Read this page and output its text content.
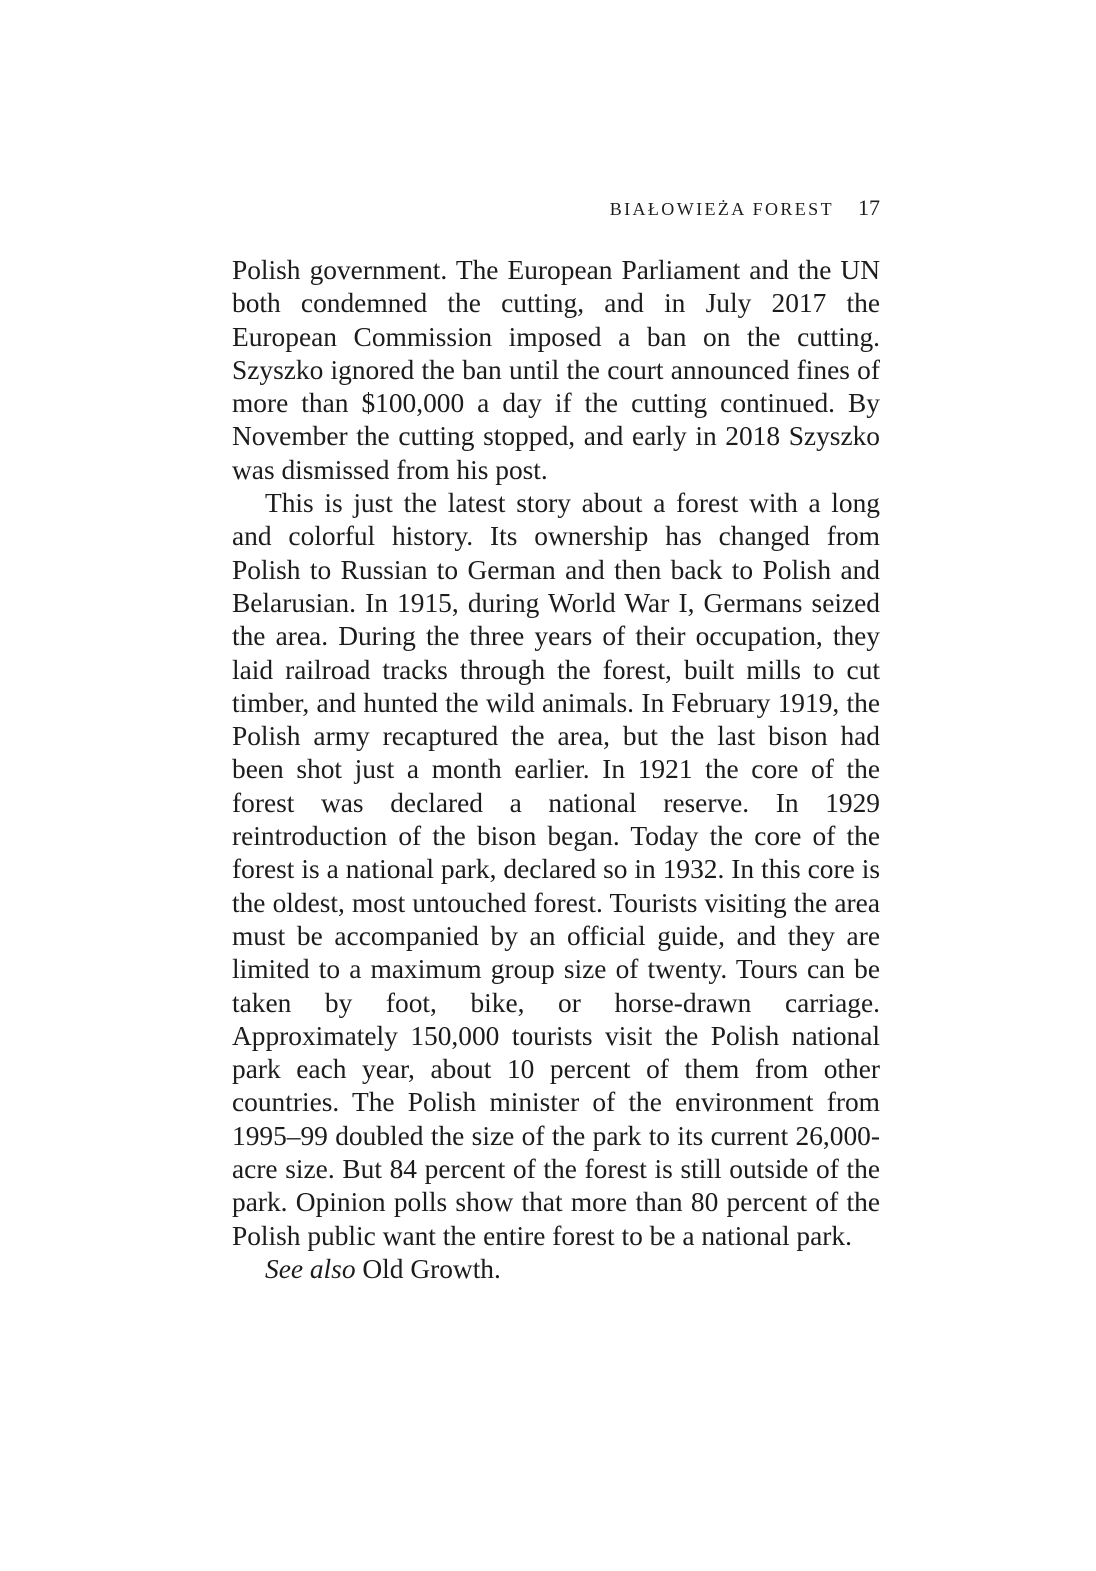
BIAŁOWIEŻA FOREST 17

Polish government. The European Parliament and the UN both condemned the cutting, and in July 2017 the European Commission imposed a ban on the cutting. Szyszko ignored the ban until the court announced fines of more than $100,000 a day if the cutting continued. By November the cutting stopped, and early in 2018 Szyszko was dismissed from his post.

This is just the latest story about a forest with a long and colorful history. Its ownership has changed from Polish to Russian to German and then back to Polish and Belarusian. In 1915, during World War I, Germans seized the area. During the three years of their occupation, they laid railroad tracks through the forest, built mills to cut timber, and hunted the wild animals. In February 1919, the Polish army recaptured the area, but the last bison had been shot just a month earlier. In 1921 the core of the forest was declared a national reserve. In 1929 reintroduction of the bison began. Today the core of the forest is a national park, declared so in 1932. In this core is the oldest, most untouched forest. Tourists visiting the area must be accompanied by an official guide, and they are limited to a maximum group size of twenty. Tours can be taken by foot, bike, or horse-drawn carriage. Approximately 150,000 tourists visit the Polish national park each year, about 10 percent of them from other countries. The Polish minister of the environment from 1995–99 doubled the size of the park to its current 26,000-acre size. But 84 percent of the forest is still outside of the park. Opinion polls show that more than 80 percent of the Polish public want the entire forest to be a national park.

See also Old Growth.
